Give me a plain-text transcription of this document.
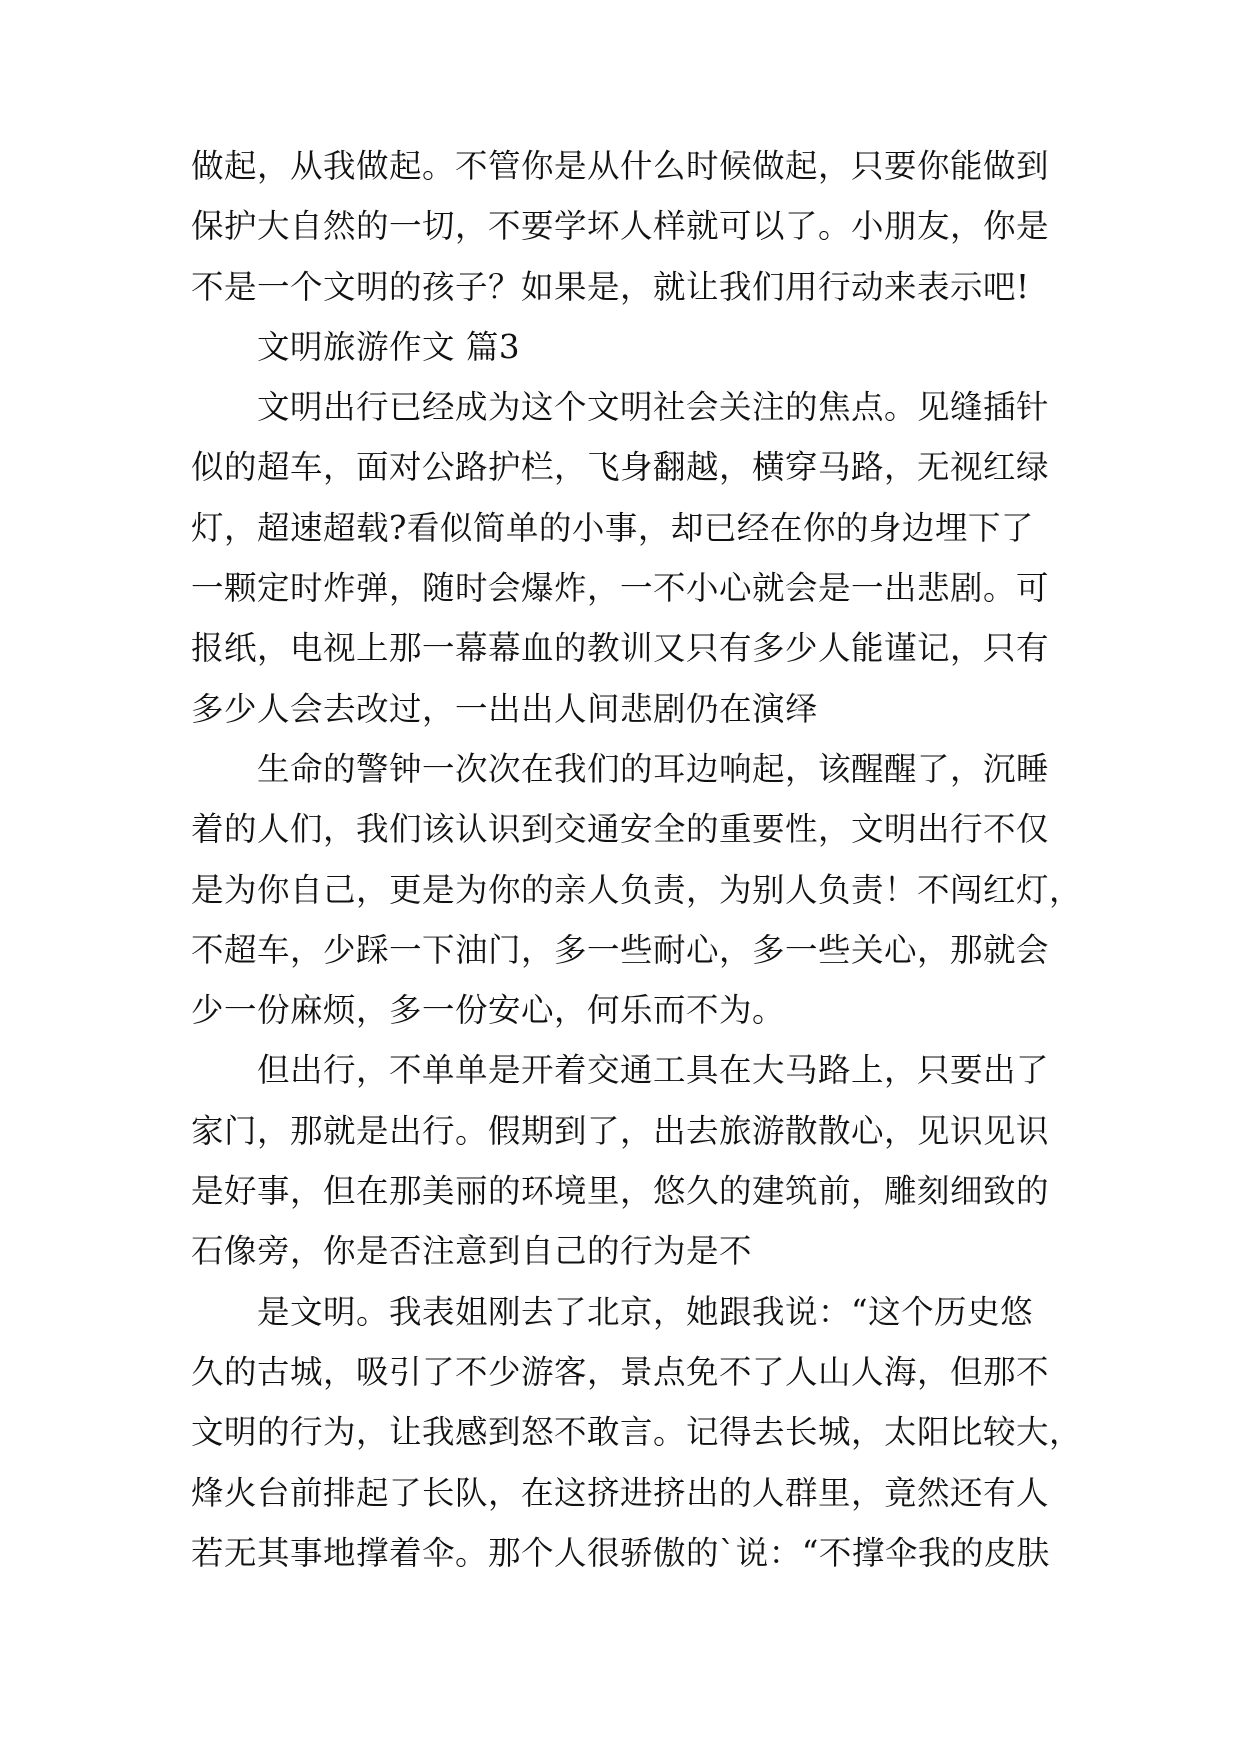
做起，从我做起。不管你是从什么时候做起，只要你能做到
保护大自然的一切，不要学坏人样就可以了。小朋友，你是
不是一个文明的孩子？如果是，就让我们用行动来表示吧!
文明旅游作文 篇3
文明出行已经成为这个文明社会关注的焦点。见缝插针
似的超车，面对公路护栏，飞身翻越，横穿马路，无视红绿
灯，超速超载?看似简单的小事，却已经在你的身边埋下了
一颗定时炸弹，随时会爆炸，一不小心就会是一出悲剧。可
报纸，电视上那一幕幕血的教训又只有多少人能谨记，只有
多少人会去改过，一出出人间悲剧仍在演绎
生命的警钟一次次在我们的耳边响起，该醒醒了，沉睡
着的人们，我们该认识到交通安全的重要性，文明出行不仅
是为你自己，更是为你的亲人负责，为别人负责！不闯红灯，
不超车，少踩一下油门，多一些耐心，多一些关心，那就会
少一份麻烦，多一份安心，何乐而不为。
但出行，不单单是开着交通工具在大马路上，只要出了
家门，那就是出行。假期到了，出去旅游散散心，见识见识
是好事，但在那美丽的环境里，悠久的建筑前，雕刻细致的
石像旁，你是否注意到自己的行为是不
是文明。我表姐刚去了北京，她跟我说：“这个历史悠
久的古城，吸引了不少游客，景点免不了人山人海，但那不
文明的行为，让我感到怒不敢言。记得去长城，太阳比较大，
烽火台前排起了长队，在这挤进挤出的人群里，竟然还有人
若无其事地撑着伞。那个人很骄傲的`说：“不撑伞我的皮肤
